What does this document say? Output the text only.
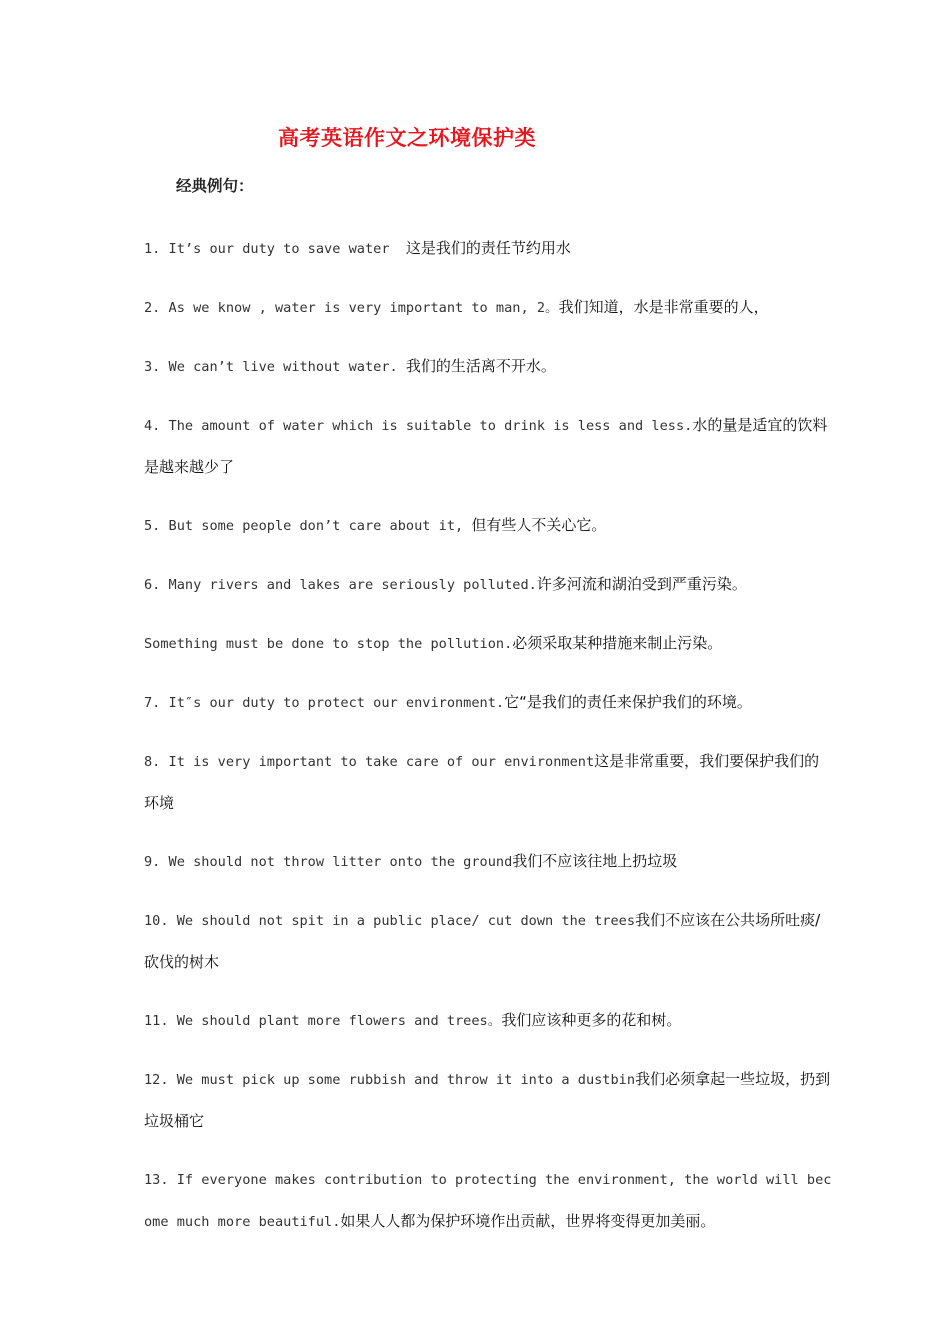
高考英语作文之环境保护类
经典例句：
1. It’s our duty to save water  这是我们的责任节约用水
2. As we know , water is very important to man, 2。我们知道，水是非常重要的人，
3. We can’t live without water. 我们的生活离不开水。
4. The amount of water which is suitable to drink is less and less.水的量是适宜的饮料是越来越少了
5. But some people don’t care about it, 但有些人不关心它。
6. Many rivers and lakes are seriously polluted.许多河流和湖泊受到严重污染。
Something must be done to stop the pollution.必须采取某种措施来制止污染。
7. It″s our duty to protect our environment.它“是我们的责任来保护我们的环境。
8. It is very important to take care of our environment这是非常重要，我们要保护我们的环境
9. We should not throw litter onto the ground我们不应该往地上扔垃圾
10. We should not spit in a public place/ cut down the trees我们不应该在公共场所吐痰/砍伐的树木
11. We should plant more flowers and trees。我们应该种更多的花和树。
12. We must pick up some rubbish and throw it into a dustbin我们必须拿起一些垃圾，扔到垃圾桶它
13. If everyone makes contribution to protecting the environment, the world will become much more beautiful.如果人人都为保护环境作出贡献，世界将变得更加美丽。
